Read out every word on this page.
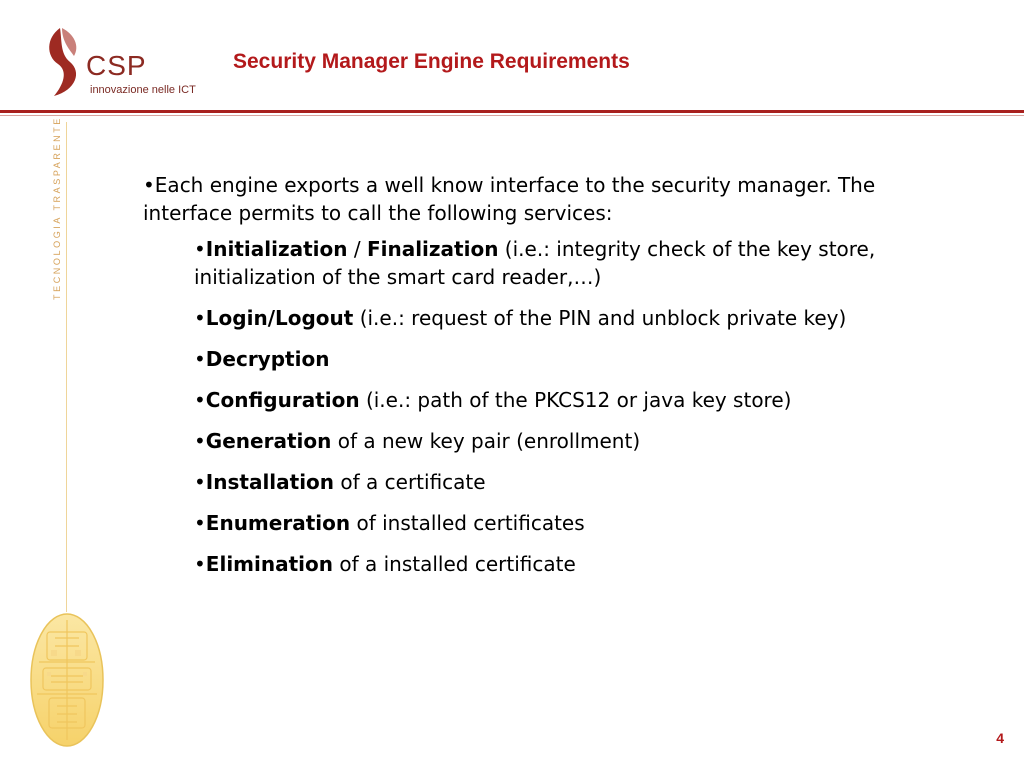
CSP
innovazione nelle ICT
Security Manager Engine Requirements
TECNOLOGIA TRASPARENTE	•Each engine exports a well know interface to the security manager. The interface permits to call the following services:

•Initialization / Finalization (i.e.: integrity check of the key store, initialization of the smart card reader,…)

•Login/Logout (i.e.: request of the PIN and unblock private key)

•Decryption

•Configuration (i.e.: path of the PKCS12 or java key store)

•Generation of a new key pair (enrollment)

•Installation of a certificate

•Enumeration of installed certificates

•Elimination of a installed certificate

4
